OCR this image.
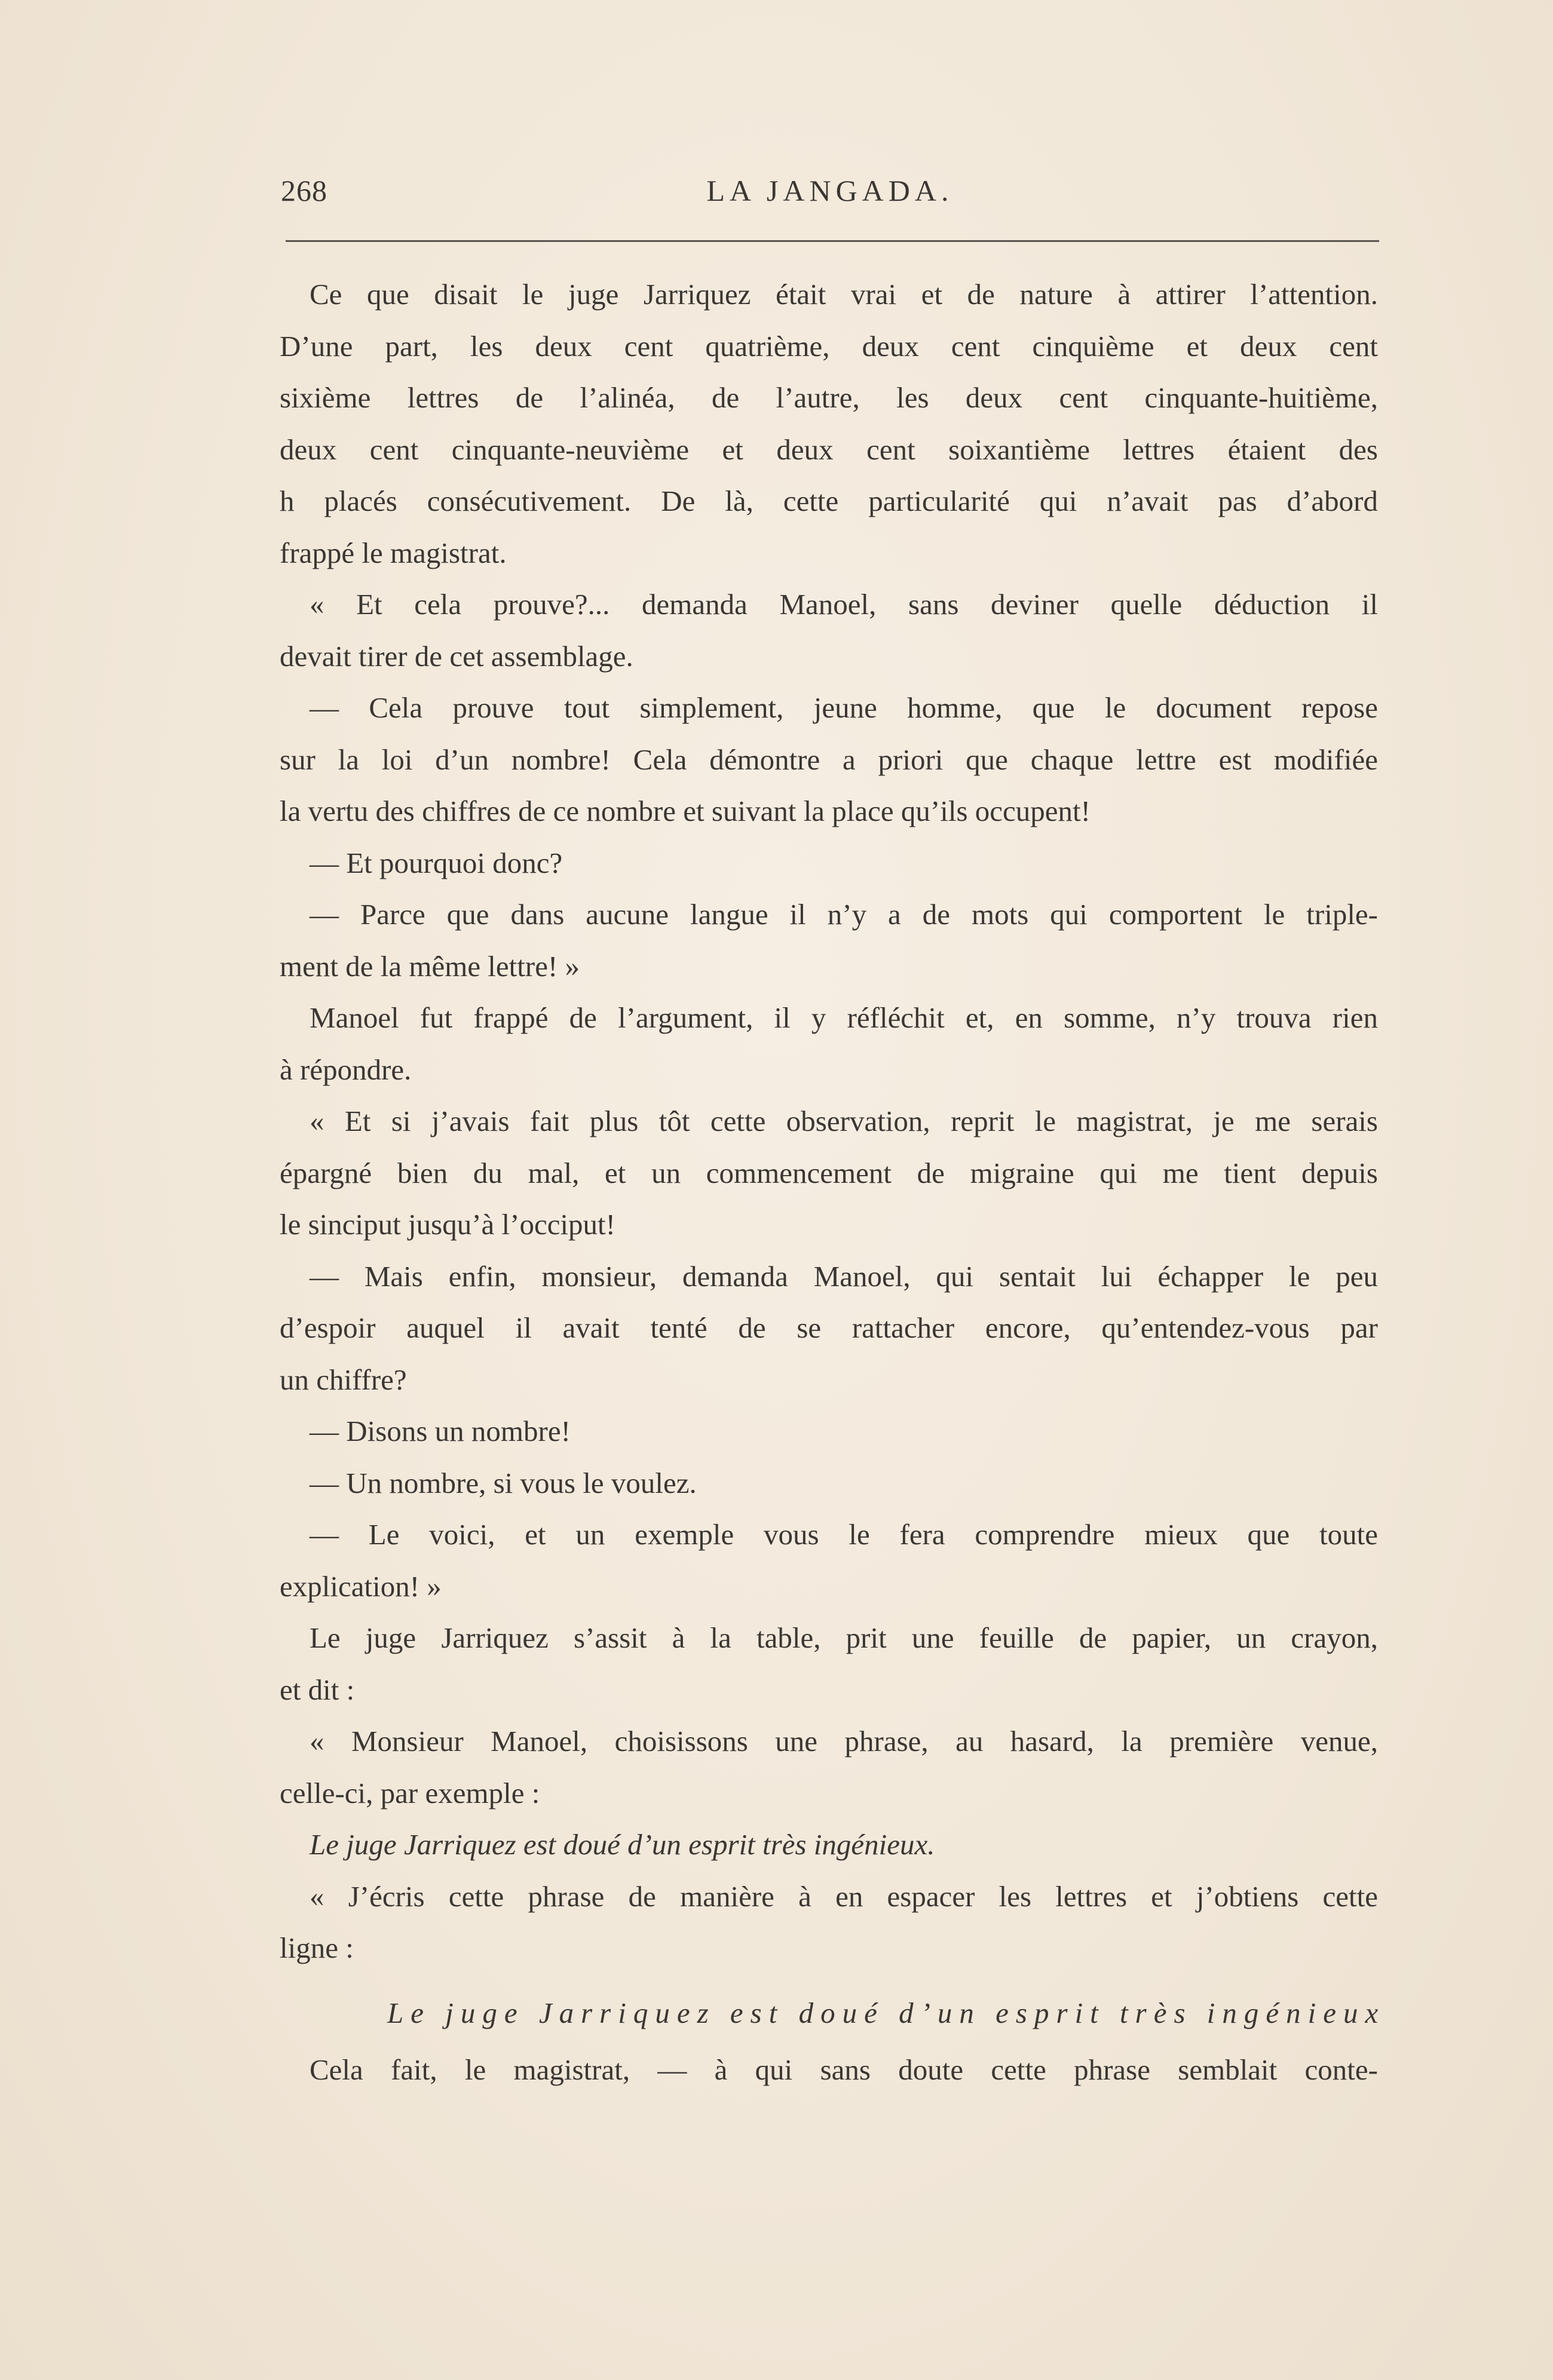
268	LA JANGADA.
Ce que disait le juge Jarriquez était vrai et de nature à attirer l’attention.
D’une part, les deux cent quatrième, deux cent cinquième et deux cent
sixième lettres de l’alinéa, de l’autre, les deux cent cinquante-huitième,
deux cent cinquante-neuvième et deux cent soixantième lettres étaient des
h placés consécutivement. De là, cette particularité qui n’avait pas d’abord
frappé le magistrat.
« Et cela prouve?... demanda Manoel, sans deviner quelle déduction il
devait tirer de cet assemblage.
— Cela prouve tout simplement, jeune homme, que le document repose
sur la loi d’un nombre! Cela démontre a priori que chaque lettre est modifiée
la vertu des chiffres de ce nombre et suivant la place qu’ils occupent!
— Et pourquoi donc?
— Parce que dans aucune langue il n’y a de mots qui comportent le triple-
ment de la même lettre! »
Manoel fut frappé de l’argument, il y réfléchit et, en somme, n’y trouva rien
à répondre.
« Et si j’avais fait plus tôt cette observation, reprit le magistrat, je me serais
épargné bien du mal, et un commencement de migraine qui me tient depuis
le sinciput jusqu’à l’occiput!
— Mais enfin, monsieur, demanda Manoel, qui sentait lui échapper le peu
d’espoir auquel il avait tenté de se rattacher encore, qu’entendez-vous par
un chiffre?
— Disons un nombre!
— Un nombre, si vous le voulez.
— Le voici, et un exemple vous le fera comprendre mieux que toute
explication! »
Le juge Jarriquez s’assit à la table, prit une feuille de papier, un crayon,
et dit :
« Monsieur Manoel, choisissons une phrase, au hasard, la première venue,
celle-ci, par exemple :
Le juge Jarriquez est doué d’un esprit très ingénieux.
« J’écris cette phrase de manière à en espacer les lettres et j’obtiens cette
ligne :
Le juge Jarriquez est doué d’un esprit très ingénieux
Cela fait, le magistrat, — à qui sans doute cette phrase semblait conte-
